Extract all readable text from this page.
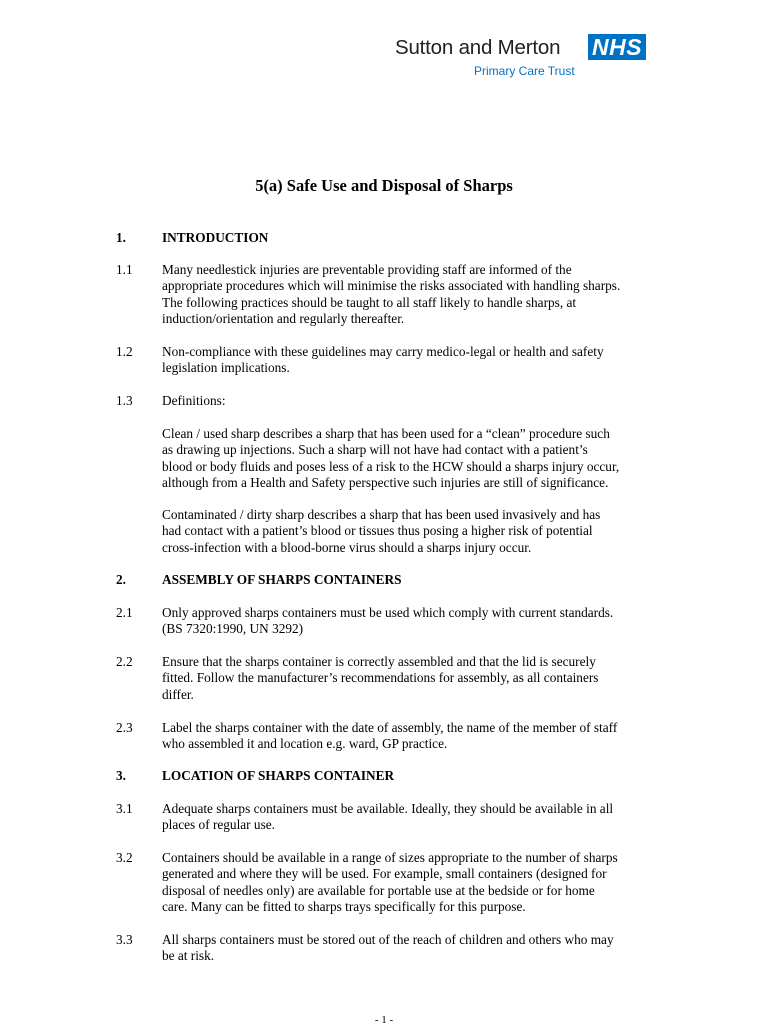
Sutton and Merton NHS
Primary Care Trust
5(a) Safe Use and Disposal of Sharps
1.	INTRODUCTION
1.1 Many needlestick injuries are preventable providing staff are informed of the
appropriate procedures which will minimise the risks associated with handling sharps.
The following practices should be taught to all staff likely to handle sharps, at
induction/orientation and regularly thereafter.
1.2 Non-compliance with these guidelines may carry medico-legal or health and safety
legislation implications.
1.3 Definitions:
Clean / used sharp describes a sharp that has been used for a “clean” procedure such
as drawing up injections. Such a sharp will not have had contact with a patient’s
blood or body fluids and poses less of a risk to the HCW should a sharps injury occur,
although from a Health and Safety perspective such injuries are still of significance.
Contaminated / dirty sharp describes a sharp that has been used invasively and has
had contact with a patient’s blood or tissues thus posing a higher risk of potential
cross-infection with a blood-borne virus should a sharps injury occur.
2.	ASSEMBLY OF SHARPS CONTAINERS
2.1 Only approved sharps containers must be used which comply with current standards.
(BS 7320:1990, UN 3292)
2.2 Ensure that the sharps container is correctly assembled and that the lid is securely
fitted. Follow the manufacturer’s recommendations for assembly, as all containers
differ.
2.3 Label the sharps container with the date of assembly, the name of the member of staff
who assembled it and location e.g. ward, GP practice.
3.	LOCATION OF SHARPS CONTAINER
3.1 Adequate sharps containers must be available. Ideally, they should be available in all
places of regular use.
3.2 Containers should be available in a range of sizes appropriate to the number of sharps
generated and where they will be used. For example, small containers (designed for
disposal of needles only) are available for portable use at the bedside or for home
care. Many can be fitted to sharps trays specifically for this purpose.
3.3 All sharps containers must be stored out of the reach of children and others who may
be at risk.
- 1 -
